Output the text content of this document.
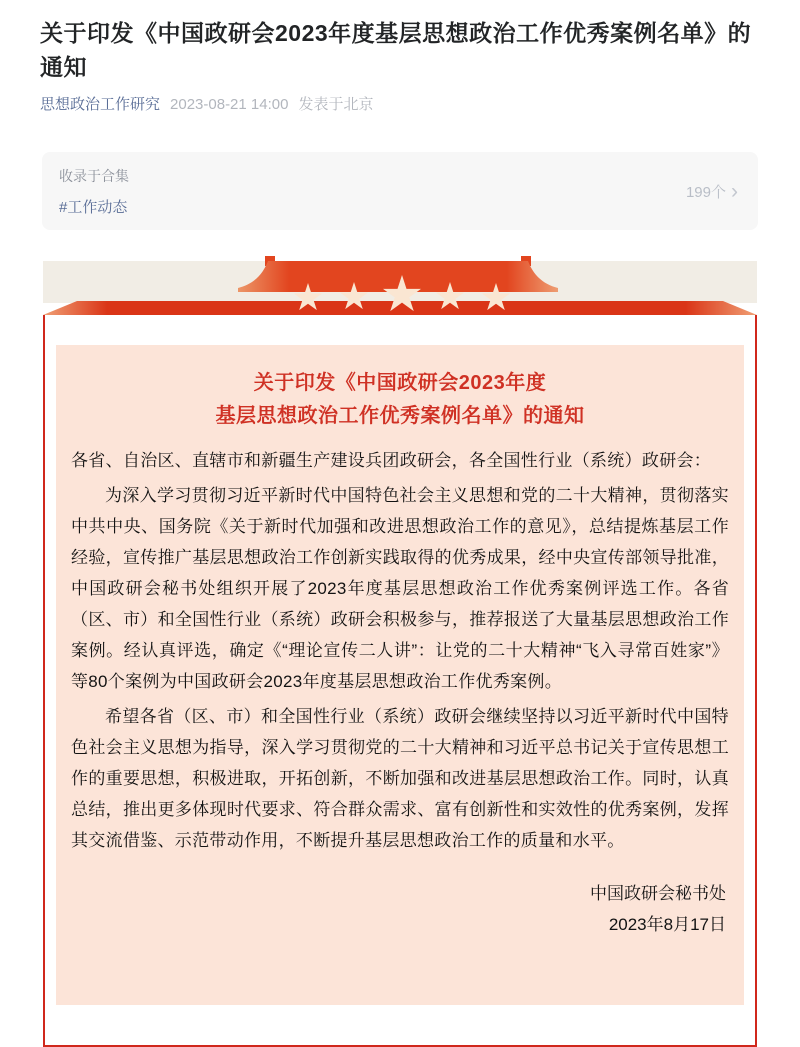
关于印发《中国政研会2023年度基层思想政治工作优秀案例名单》的通知
思想政治工作研究 2023-08-21 14:00 发表于北京
收录于合集
#工作动态
199个 ›
关于印发《中国政研会2023年度
基层思想政治工作优秀案例名单》的通知

各省、自治区、直辖市和新疆生产建设兵团政研会，各全国性行业（系统）政研会：

为深入学习贯彻习近平新时代中国特色社会主义思想和党的二十大精神，贯彻落实中共中央、国务院《关于新时代加强和改进思想政治工作的意见》，总结提炼基层工作经验，宣传推广基层思想政治工作创新实践取得的优秀成果，经中央宣传部领导批准，中国政研会秘书处组织开展了2023年度基层思想政治工作优秀案例评选工作。各省（区、市）和全国性行业（系统）政研会积极参与，推荐报送了大量基层思想政治工作案例。经认真评选，确定《“理论宣传二人讲”：让党的二十大精神“飞入寻常百姓家”》等80个案例为中国政研会2023年度基层思想政治工作优秀案例。

希望各省（区、市）和全国性行业（系统）政研会继续坚持以习近平新时代中国特色社会主义思想为指导，深入学习贯彻党的二十大精神和习近平总书记关于宣传思想工作的重要思想，积极进取，开拓创新，不断加强和改进基层思想政治工作。同时，认真总结，推出更多体现时代要求、符合群众需求、富有创新性和实效性的优秀案例，发挥其交流借鉴、示范带动作用，不断提升基层思想政治工作的质量和水平。

中国政研会秘书处
2023年8月17日
